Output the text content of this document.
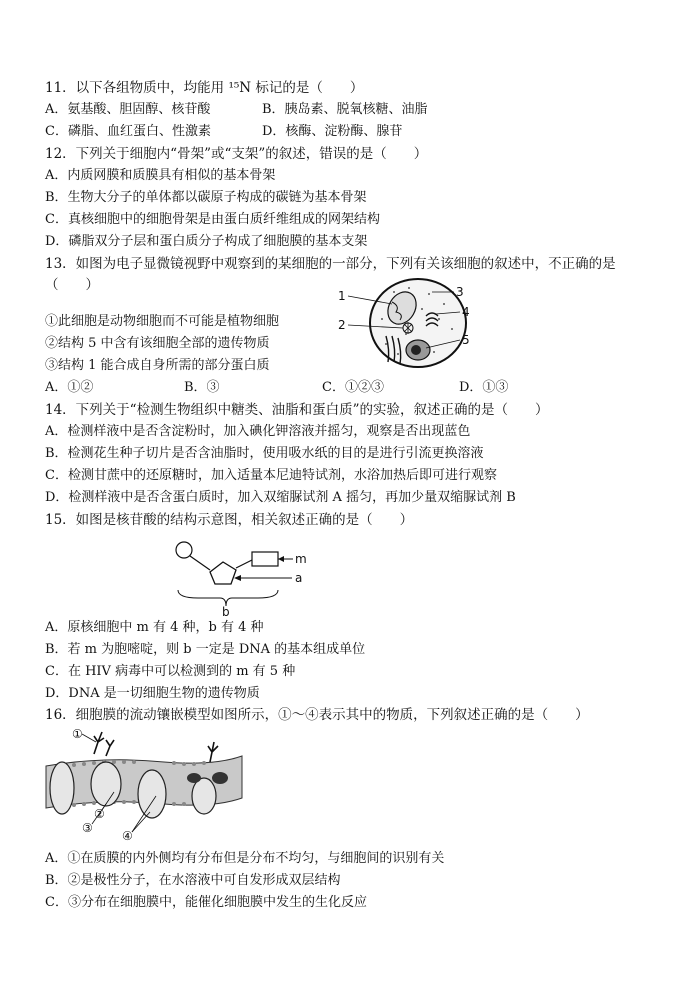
11．以下各组物质中，均能用 ¹⁵N 标记的是（　　）
A．氨基酸、胆固醇、核苷酸	B．胰岛素、脱氧核糖、油脂
C．磷脂、血红蛋白、性激素	D．核酶、淀粉酶、腺苷
12．下列关于细胞内“骨架”或“支架”的叙述，错误的是（　　）
A．内质网膜和质膜具有相似的基本骨架
B．生物大分子的单体都以碳原子构成的碳链为基本骨架
C．真核细胞中的细胞骨架是由蛋白质纤维组成的网架结构
D．磷脂双分子层和蛋白质分子构成了细胞膜的基本支架
13．如图为电子显微镜视野中观察到的某细胞的一部分，下列有关该细胞的叙述中，不正确的是
（　　）
1
2
3
4
5
①此细胞是动物细胞而不可能是植物细胞
②结构 5 中含有该细胞全部的遗传物质
③结构 1 能合成自身所需的部分蛋白质
A．①②	B．③	C．①②③	D．①③
14．下列关于“检测生物组织中糖类、油脂和蛋白质”的实验，叙述正确的是（　　）
A．检测样液中是否含淀粉时，加入碘化钾溶液并摇匀，观察是否出现蓝色
B．检测花生种子切片是否含油脂时，使用吸水纸的目的是进行引流更换溶液
C．检测甘蔗中的还原糖时，加入适量本尼迪特试剂，水浴加热后即可进行观察
D．检测样液中是否含蛋白质时，加入双缩脲试剂 A 摇匀，再加少量双缩脲试剂 B
15．如图是核苷酸的结构示意图，相关叙述正确的是（　　）
m
a
b
A．原核细胞中 m 有 4 种，b 有 4 种
B．若 m 为胞嘧啶，则 b 一定是 DNA 的基本组成单位
C．在 HIV 病毒中可以检测到的 m 有 5 种
D．DNA 是一切细胞生物的遗传物质
16．细胞膜的流动镶嵌模型如图所示，①～④表示其中的物质，下列叙述正确的是（　　）
①
②
③
④
A．①在质膜的内外侧均有分布但是分布不均匀，与细胞间的识别有关
B．②是极性分子，在水溶液中可自发形成双层结构
C．③分布在细胞膜中，能催化细胞膜中发生的生化反应
